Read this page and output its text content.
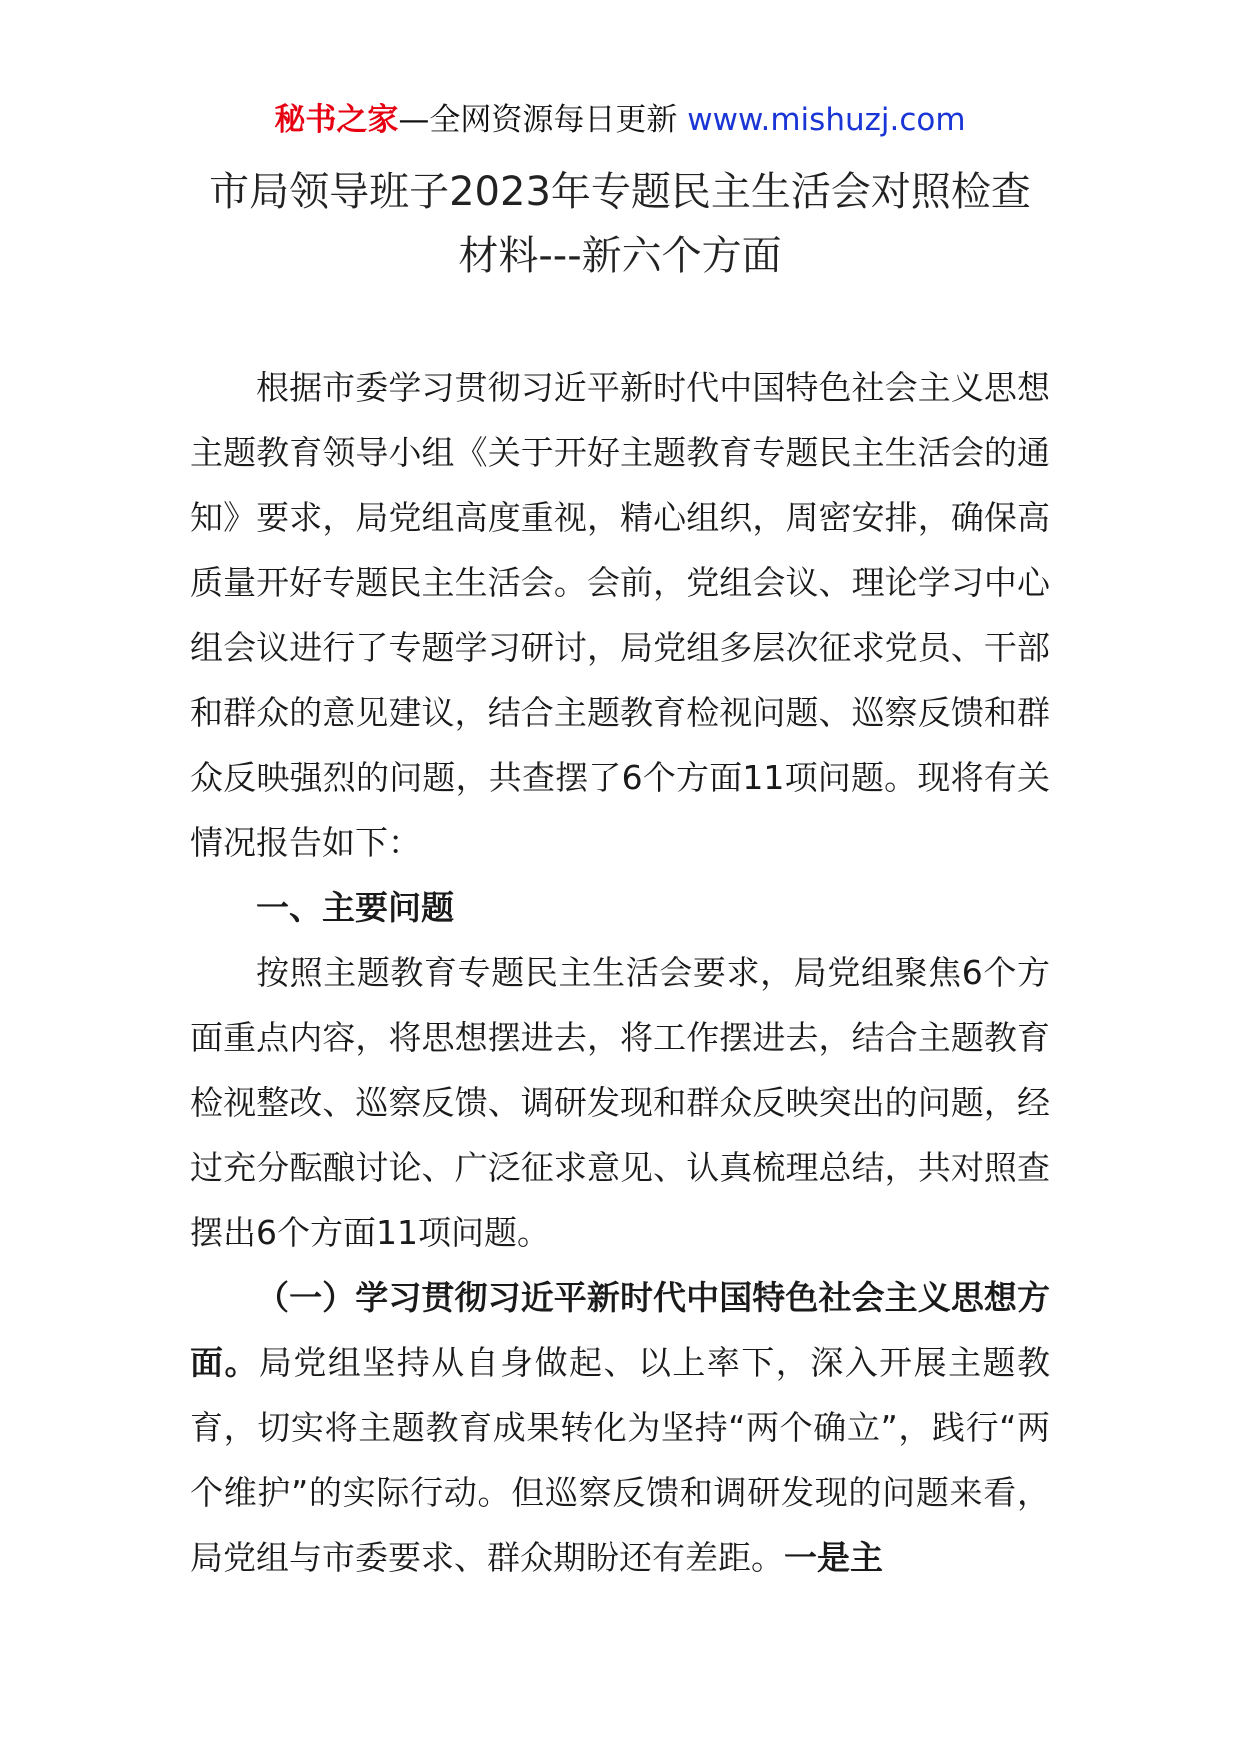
秘书之家—全网资源每日更新 www.mishuzj.com
市局领导班子2023年专题民主生活会对照检查
材料---新六个方面

根据市委学习贯彻习近平新时代中国特色社会主义思想主题教育领导小组《关于开好主题教育专题民主生活会的通知》要求，局党组高度重视，精心组织，周密安排，确保高质量开好专题民主生活会。会前，党组会议、理论学习中心组会议进行了专题学习研讨，局党组多层次征求党员、干部和群众的意见建议，结合主题教育检视问题、巡察反馈和群众反映强烈的问题，共查摆了6个方面11项问题。现将有关情况报告如下：

一、主要问题

按照主题教育专题民主生活会要求，局党组聚焦6个方面重点内容，将思想摆进去，将工作摆进去，结合主题教育检视整改、巡察反馈、调研发现和群众反映突出的问题，经过充分酝酿讨论、广泛征求意见、认真梳理总结，共对照查摆出6个方面11项问题。

（一）学习贯彻习近平新时代中国特色社会主义思想方面。局党组坚持从自身做起、以上率下，深入开展主题教育，切实将主题教育成果转化为坚持“两个确立”，践行“两个维护”的实际行动。但巡察反馈和调研发现的问题来看，局党组与市委要求、群众期盼还有差距。一是主
